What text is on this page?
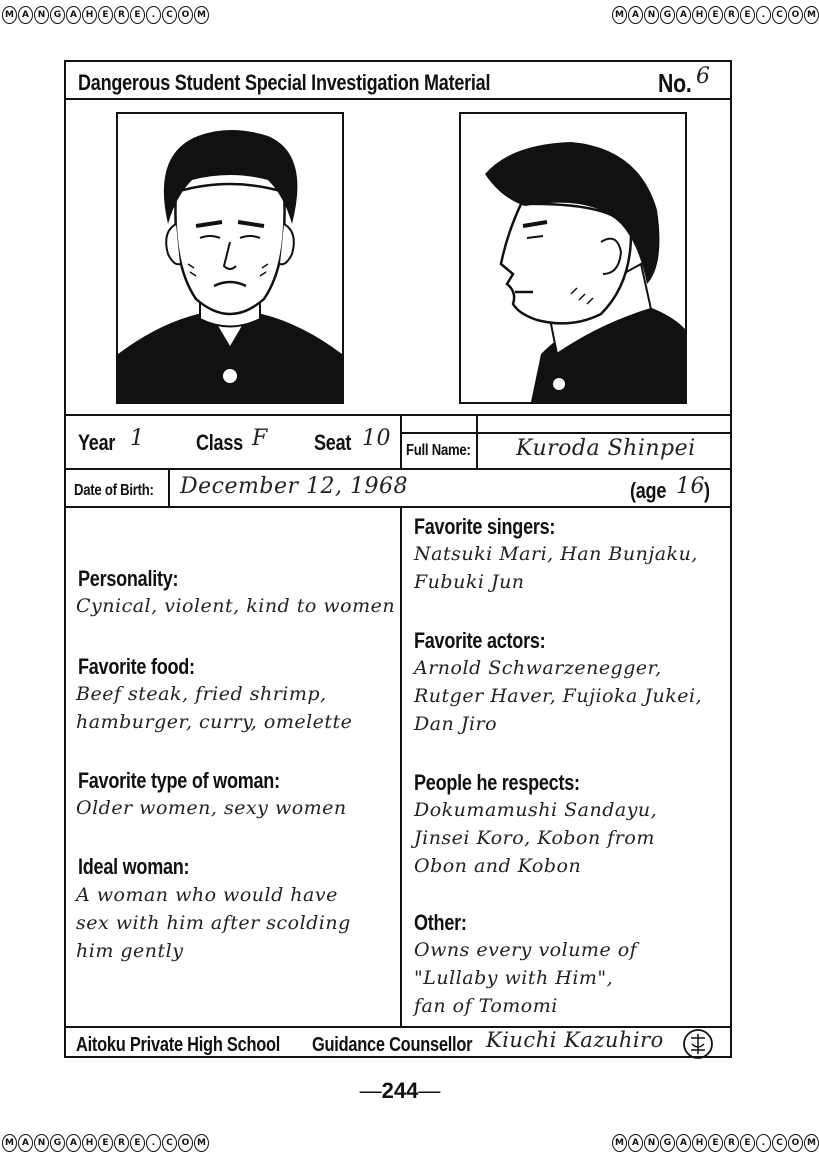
M A N G A H	E	R	E	.	C O M	M A N G A H	E	R	E	.	C O M
M A N G A H	E	R	E	.	C O M	M A N G A H	E	R	E	.	C O M
Dangerous Student Special Investigation Material	No. 6
Year 1 Class F Seat 10 Full Name: Kuroda Shinpei
Date of Birth: December 12, 1968	(age 16 )
Personality:
Cynical, violent, kind to women
Favorite food:
Beef steak, fried shrimp,
hamburger, curry, omelette
Favorite type of woman:
Older women, sexy women
Ideal woman:
A woman who would have
sex with him after scolding
him gently
Favorite singers:
Natsuki Mari, Han Bunjaku,
Fubuki Jun
Favorite actors:
Arnold Schwarzenegger,
Rutger Haver, Fujioka Jukei,
Dan Jiro
People he respects:
Dokumamushi Sandayu,
Jinsei Koro, Kobon from
Obon and Kobon
Other:
Owns every volume of
"Lullaby with Him",
fan of Tomomi
Aitoku Private High School Guidance Counsellor Kiuchi Kazuhiro
—244—
